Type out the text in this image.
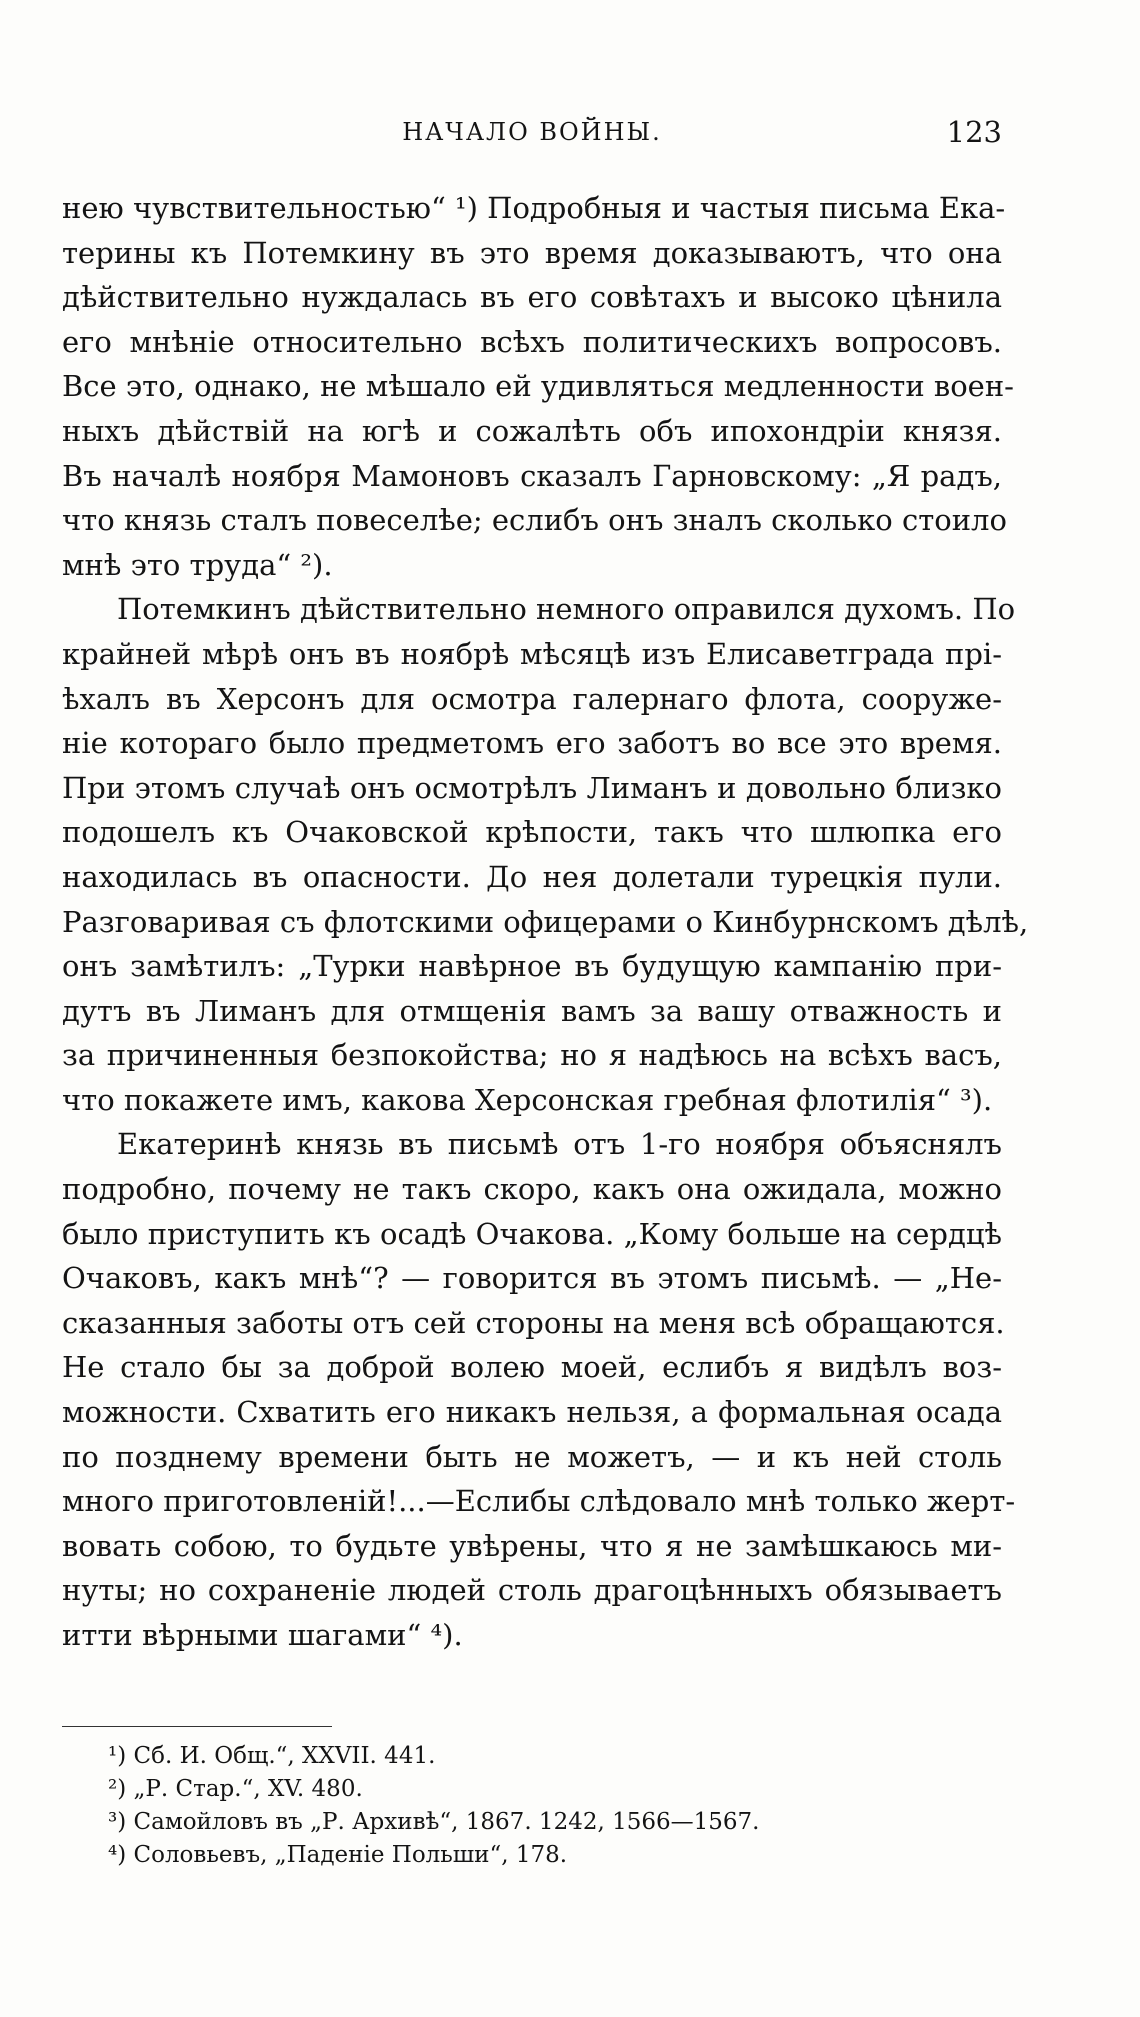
НАЧАЛО ВОЙНЫ.	123
нею чувствительностью“ ¹) Подробныя и частыя письма Ека-
терины къ Потемкину въ это время доказываютъ, что она
дѣйствительно нуждалась въ его совѣтахъ и высоко цѣнила
его мнѣніе относительно всѣхъ политическихъ вопросовъ.
Все это, однако, не мѣшало ей удивляться медленности воен-
ныхъ дѣйствій на югѣ и сожалѣть объ ипохондріи князя.
Въ началѣ ноября Мамоновъ сказалъ Гарновскому: „Я радъ,
что князь сталъ повеселѣе; еслибъ онъ зналъ сколько стоило
мнѣ это труда“ ²).
Потемкинъ дѣйствительно немного оправился духомъ. По
крайней мѣрѣ онъ въ ноябрѣ мѣсяцѣ изъ Елисаветграда прі-
ѣхалъ въ Херсонъ для осмотра галернаго флота, сооруже-
ніе котораго было предметомъ его заботъ во все это время.
При этомъ случаѣ онъ осмотрѣлъ Лиманъ и довольно близко
подошелъ къ Очаковской крѣпости, такъ что шлюпка его
находилась въ опасности. До нея долетали турецкія пули.
Разговаривая съ флотскими офицерами о Кинбурнскомъ дѣлѣ,
онъ замѣтилъ: „Турки навѣрное въ будущую кампанію при-
дутъ въ Лиманъ для отмщенія вамъ за вашу отважность и
за причиненныя безпокойства; но я надѣюсь на всѣхъ васъ,
что покажете имъ, какова Херсонская гребная флотилія“ ³).
Екатеринѣ князь въ письмѣ отъ 1-го ноября объяснялъ
подробно, почему не такъ скоро, какъ она ожидала, можно
было приступить къ осадѣ Очакова. „Кому больше на сердцѣ
Очаковъ, какъ мнѣ“? — говорится въ этомъ письмѣ. — „Не-
сказанныя заботы отъ сей стороны на меня всѣ обращаются.
Не стало бы за доброй волею моей, еслибъ я видѣлъ воз-
можности. Схватить его никакъ нельзя, а формальная осада
по позднему времени быть не можетъ, — и къ ней столь
много приготовленій!...—Еслибы слѣдовало мнѣ только жерт-
вовать собою, то будьте увѣрены, что я не замѣшкаюсь ми-
нуты; но сохраненіе людей столь драгоцѣнныхъ обязываетъ
итти вѣрными шагами“ ⁴).
¹) Сб. И. Общ.“, XXVII. 441.
²) „Р. Стар.“, XV. 480.
³) Самойловъ въ „Р. Архивѣ“, 1867. 1242, 1566—1567.
⁴) Соловьевъ, „Паденіе Польши“, 178.
